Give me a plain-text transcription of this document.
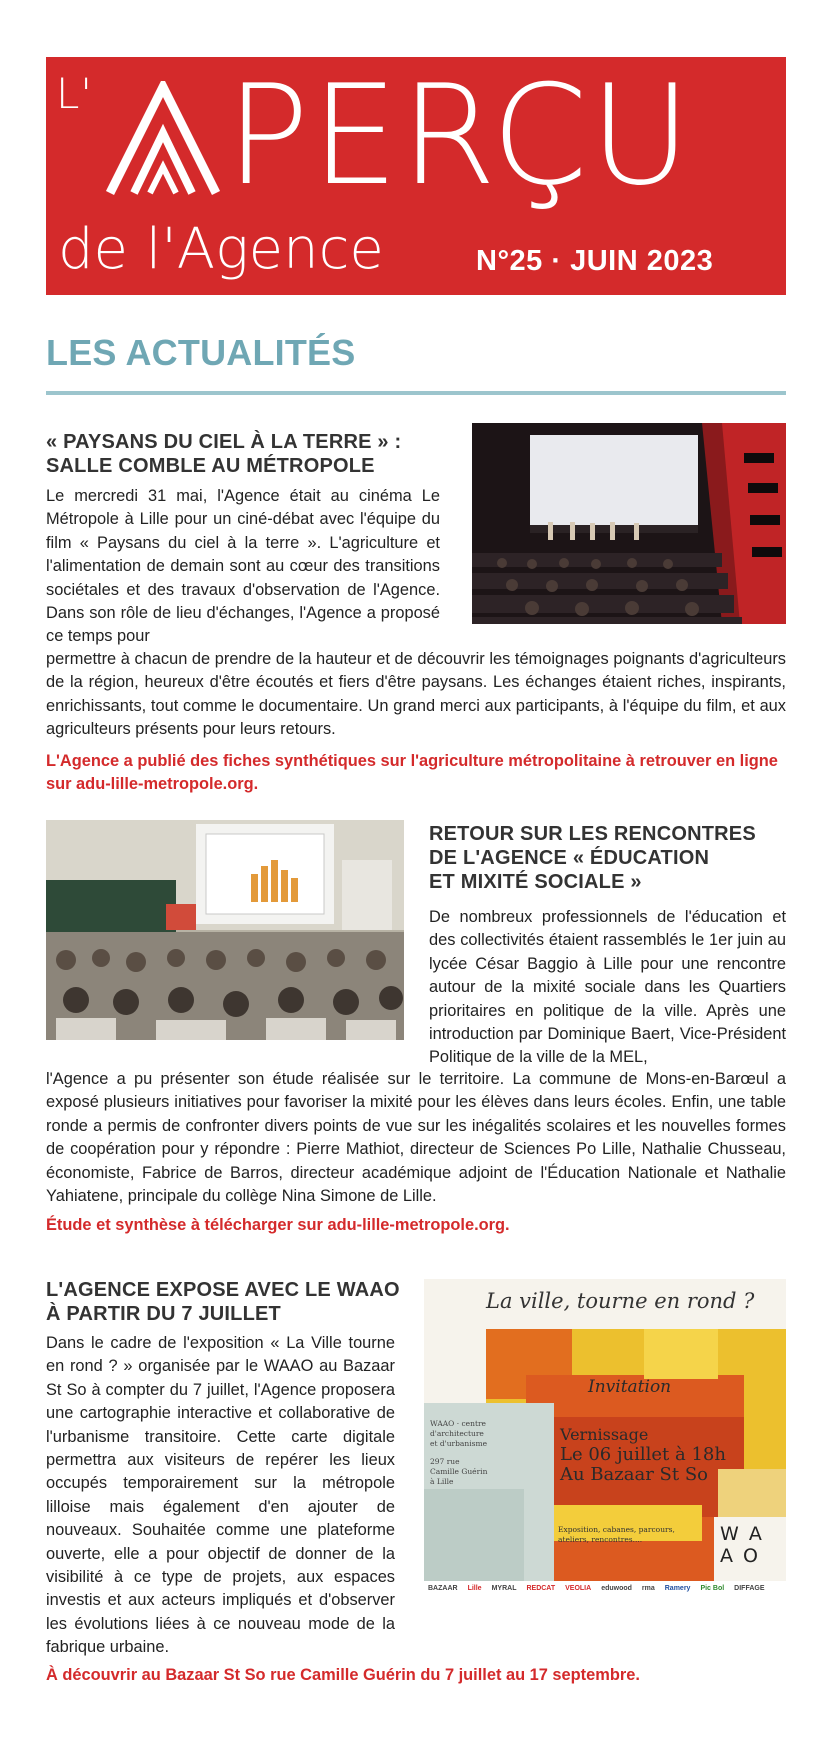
L' PERÇU
de l'Agence	N°25 · JUIN 2023
LES ACTUALITÉS
« PAYSANS DU CIEL À LA TERRE » :
SALLE COMBLE AU MÉTROPOLE

Le mercredi 31 mai, l'Agence était au cinéma Le Métropole à Lille pour un ciné-débat avec l'équipe du film « Paysans du ciel à la terre ». L'agriculture et l'alimentation de demain sont au cœur des transitions sociétales et des travaux d'observation de l'Agence. Dans son rôle de lieu d'échanges, l'Agence a proposé ce temps pour

permettre à chacun de prendre de la hauteur et de découvrir les témoignages poignants d'agriculteurs de la région, heureux d'être écoutés et fiers d'être paysans. Les échanges étaient riches, inspirants, enrichissants, tout comme le documentaire. Un grand merci aux participants, à l'équipe du film, et aux agriculteurs présents pour leurs retours.

L'Agence a publié des fiches synthétiques sur l'agriculture métropolitaine à retrouver en ligne sur adu-lille-metropole.org.

RETOUR SUR LES RENCONTRES
DE L'AGENCE « ÉDUCATION
ET MIXITÉ SOCIALE »

De nombreux professionnels de l'éducation et des collectivités étaient rassemblés le 1er juin au lycée César Baggio à Lille pour une rencontre autour de la mixité sociale dans les Quartiers prioritaires en politique de la ville. Après une introduction par Dominique Baert, Vice-Président Politique de la ville de la MEL,

l'Agence a pu présenter son étude réalisée sur le territoire. La commune de Mons-en-Barœul a exposé plusieurs initiatives pour favoriser la mixité pour les élèves dans leurs écoles. Enfin, une table ronde a permis de confronter divers points de vue sur les inégalités scolaires et les nouvelles formes de coopération pour y répondre : Pierre Mathiot, directeur de Sciences Po Lille, Nathalie Chusseau, économiste, Fabrice de Barros, directeur académique adjoint de l'Éducation Nationale et Nathalie Yahiatene, principale du collège Nina Simone de Lille.

Étude et synthèse à télécharger sur adu-lille-metropole.org.

L'AGENCE EXPOSE AVEC LE WAAO
À PARTIR DU 7 JUILLET

Dans le cadre de l'exposition « La Ville tourne en rond ? » organisée par le WAAO au Bazaar St So à compter du 7 juillet, l'Agence proposera une cartographie interactive et collaborative de l'urbanisme transitoire. Cette carte digitale permettra aux visiteurs de repérer les lieux occupés temporairement sur la métropole lilloise mais également d'en ajouter de nouveaux. Souhaitée comme une plateforme ouverte, elle a pour objectif de donner de la visibilité à ce type de projets, aux espaces investis et aux acteurs impliqués et d'observer les évolutions liées à ce nouveau mode de la fabrique urbaine.

À découvrir au Bazaar St So rue Camille Guérin du 7 juillet au 17 septembre.

La ville, tourne en rond ?
Invitation
Vernissage
Le 06 juillet à 18h
Au Bazaar St So
WAAO · centre
d'architecture
et d'urbanisme
297 rue
Camille Guérin
à Lille
Exposition, cabanes, parcours, ateliers, rencontres....	W A
A O
BAZAAR Lille MYRAL REDCAT VEOLIA eduwood rma Ramery Pic Bol DIFFAGE
